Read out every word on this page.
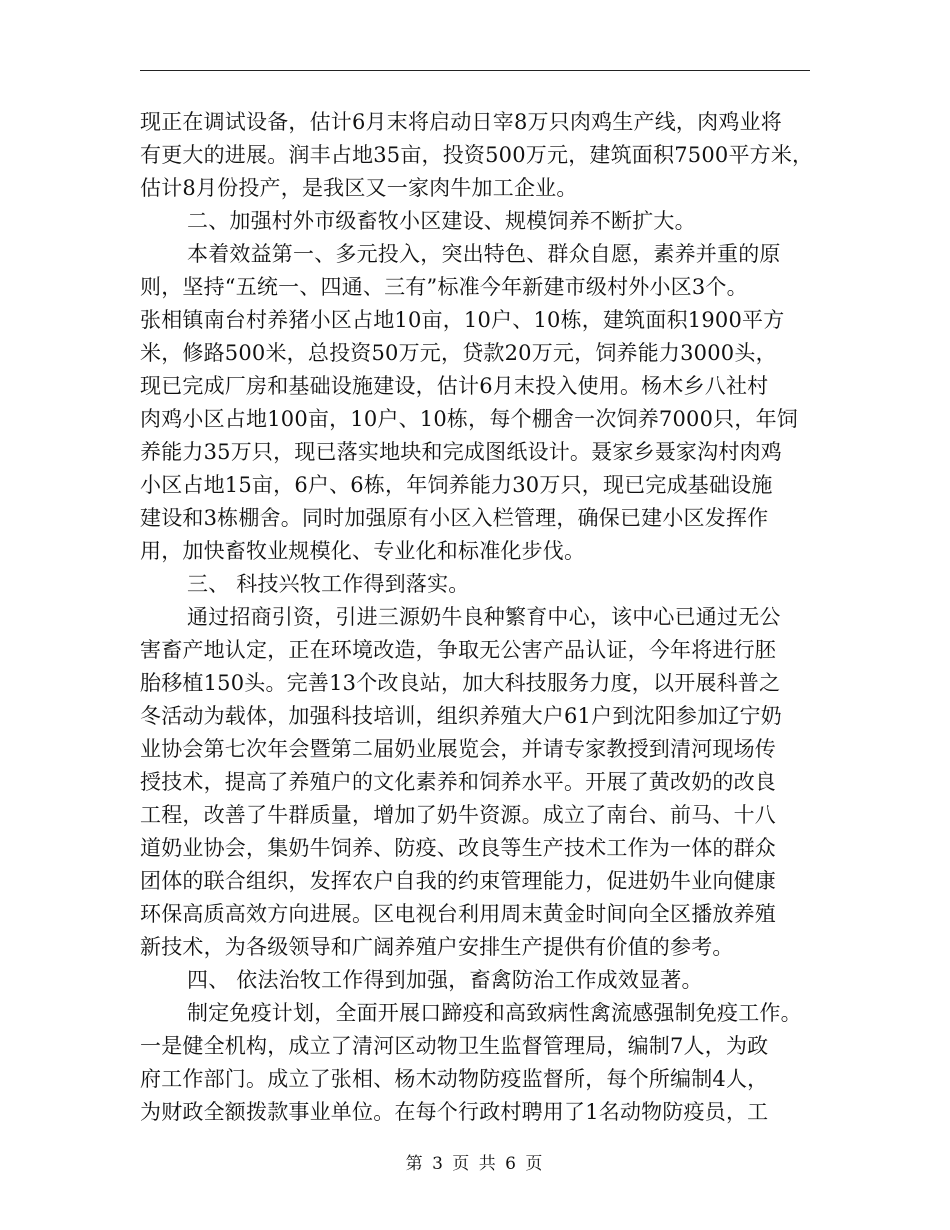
现正在调试设备，估计6月末将启动日宰8万只肉鸡生产线，肉鸡业将
有更大的进展。润丰占地35亩，投资500万元，建筑面积7500平方米，
估计8月份投产，是我区又一家肉牛加工企业。
二、加强村外市级畜牧小区建设、规模饲养不断扩大。
本着效益第一、多元投入，突出特色、群众自愿，素养并重的原
则，坚持“五统一、四通、三有”标准今年新建市级村外小区3个。
张相镇南台村养猪小区占地10亩，10户、10栋，建筑面积1900平方
米，修路500米，总投资50万元，贷款20万元，饲养能力3000头，
现已完成厂房和基础设施建设，估计6月末投入使用。杨木乡八社村
肉鸡小区占地100亩，10户、10栋，每个棚舍一次饲养7000只，年饲
养能力35万只，现已落实地块和完成图纸设计。聂家乡聂家沟村肉鸡
小区占地15亩，6户、6栋，年饲养能力30万只，现已完成基础设施
建设和3栋棚舍。同时加强原有小区入栏管理，确保已建小区发挥作
用，加快畜牧业规模化、专业化和标准化步伐。
三、 科技兴牧工作得到落实。
通过招商引资，引进三源奶牛良种繁育中心，该中心已通过无公
害畜产地认定，正在环境改造，争取无公害产品认证，今年将进行胚
胎移植150头。完善13个改良站，加大科技服务力度，以开展科普之
冬活动为载体，加强科技培训，组织养殖大户61户到沈阳参加辽宁奶
业协会第七次年会暨第二届奶业展览会，并请专家教授到清河现场传
授技术，提高了养殖户的文化素养和饲养水平。开展了黄改奶的改良
工程，改善了牛群质量，增加了奶牛资源。成立了南台、前马、十八
道奶业协会，集奶牛饲养、防疫、改良等生产技术工作为一体的群众
团体的联合组织，发挥农户自我的约束管理能力，促进奶牛业向健康
环保高质高效方向进展。区电视台利用周末黄金时间向全区播放养殖
新技术，为各级领导和广阔养殖户安排生产提供有价值的参考。
四、 依法治牧工作得到加强，畜禽防治工作成效显著。
制定免疫计划，全面开展口蹄疫和高致病性禽流感强制免疫工作。
一是健全机构，成立了清河区动物卫生监督管理局，编制7人，为政
府工作部门。成立了张相、杨木动物防疫监督所，每个所编制4人，
为财政全额拨款事业单位。在每个行政村聘用了1名动物防疫员，工
第 3 页 共 6 页
